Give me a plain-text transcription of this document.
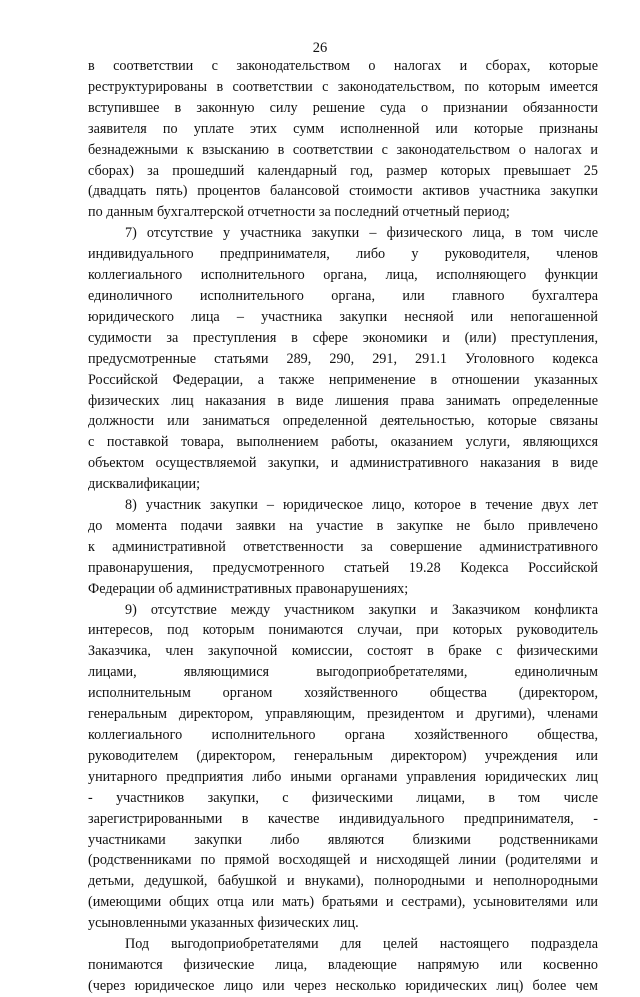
26
в соответствии с законодательством о налогах и сборах, которые
реструктурированы в соответствии с законодательством, по которым имеется
вступившее в законную силу решение суда о признании обязанности
заявителя по уплате этих сумм исполненной или которые признаны
безнадежными к взысканию в соответствии с законодательством о налогах и
сборах) за прошедший календарный год, размер которых превышает 25
(двадцать пять) процентов балансовой стоимости активов участника закупки
по данным бухгалтерской отчетности за последний отчетный период;
7) отсутствие у участника закупки – физического лица, в том числе
индивидуального предпринимателя, либо у руководителя, членов
коллегиального исполнительного органа, лица, исполняющего функции
единоличного исполнительного органа, или главного бухгалтера
юридического лица – участника закупки несняoй или непогашенной
судимости за преступления в сфере экономики и (или) преступления,
предусмотренные статьями 289, 290, 291, 291.1 Уголовного кодекса
Российской Федерации, а также неприменение в отношении указанных
физических лиц наказания в виде лишения права занимать определенные
должности или заниматься определенной деятельностью, которые связаны
с поставкой товара, выполнением работы, оказанием услуги, являющихся
объектом осуществляемой закупки, и административного наказания в виде
дисквалификации;
8) участник закупки – юридическое лицо, которое в течение двух лет
до момента подачи заявки на участие в закупке не было привлечено
к административной ответственности за совершение административного
правонарушения, предусмотренного статьей 19.28 Кодекса Российской
Федерации об административных правонарушениях;
9) отсутствие между участником закупки и Заказчиком конфликта
интересов, под которым понимаются случаи, при которых руководитель
Заказчика, член закупочной комиссии, состоят в браке с физическими
лицами, являющимися выгодоприобретателями, единоличным
исполнительным органом хозяйственного общества (директором,
генеральным директором, управляющим, президентом и другими), членами
коллегиального исполнительного органа хозяйственного общества,
руководителем (директором, генеральным директором) учреждения или
унитарного предприятия либо иными органами управления юридических лиц
- участников закупки, с физическими лицами, в том числе
зарегистрированными в качестве индивидуального предпринимателя, -
участниками закупки либо являются близкими родственниками
(родственниками по прямой восходящей и нисходящей линии (родителями и
детьми, дедушкой, бабушкой и внуками), полнородными и неполнородными
(имеющими общих отца или мать) братьями и сестрами), усыновителями или
усыновленными указанных физических лиц.
Под выгодоприобретателями для целей настоящего подраздела
понимаются физические лица, владеющие напрямую или косвенно
(через юридическое лицо или через несколько юридических лиц) более чем
